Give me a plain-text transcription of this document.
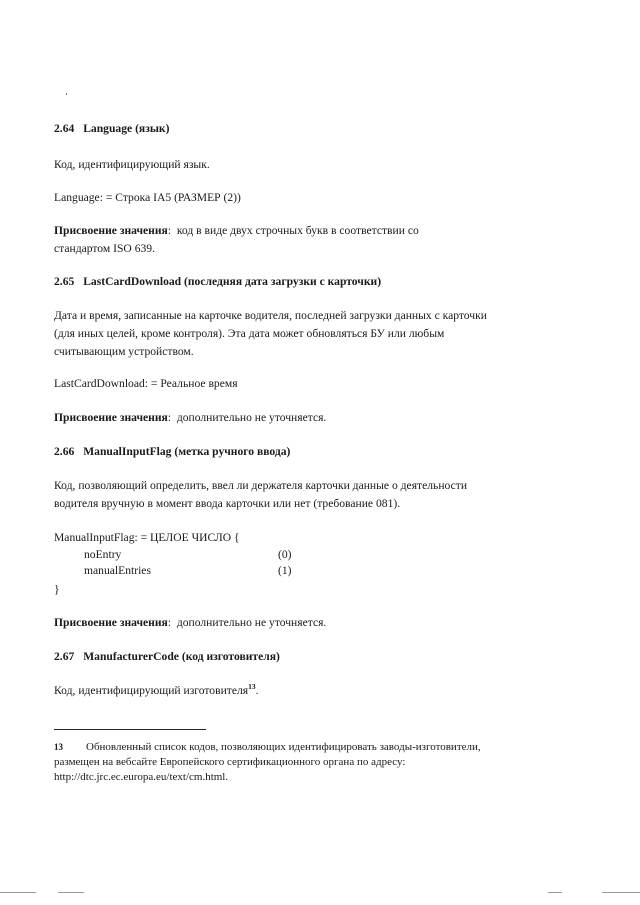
2.64 Language (язык)
Код, идентифицирующий язык.
Language: = Строка IA5 (РАЗМЕР (2))
Присвоение значения:  код в виде двух строчных букв в соответствии со
стандартом ISO 639.
2.65 LastCardDownload (последняя дата загрузки с карточки)
Дата и время, записанные на карточке водителя, последней загрузки данных с карточки
(для иных целей, кроме контроля). Эта дата может обновляться БУ или любым
считывающим устройством.
LastCardDownload: = Реальное время
Присвоение значения:  дополнительно не уточняется.
2.66 ManualInputFlag (метка ручного ввода)
Код, позволяющий определить, ввел ли держателя карточки данные о деятельности
водителя вручную в момент ввода карточки или нет (требование 081).
ManualInputFlag: = ЦЕЛОЕ ЧИСЛО {
noEntry	(0)
manualEntries	(1)
}
Присвоение значения:  дополнительно не уточняется.
2.67 ManufacturerCode (код изготовителя)
Код, идентифицирующий изготовителя$^{13}$.
13 Обновленный список кодов, позволяющих идентифицировать заводы-изготовители,
размещен на вебсайте Европейского сертификационного органа по адресу:
http://dtc.jrc.ec.europa.eu/text/cm.html.
